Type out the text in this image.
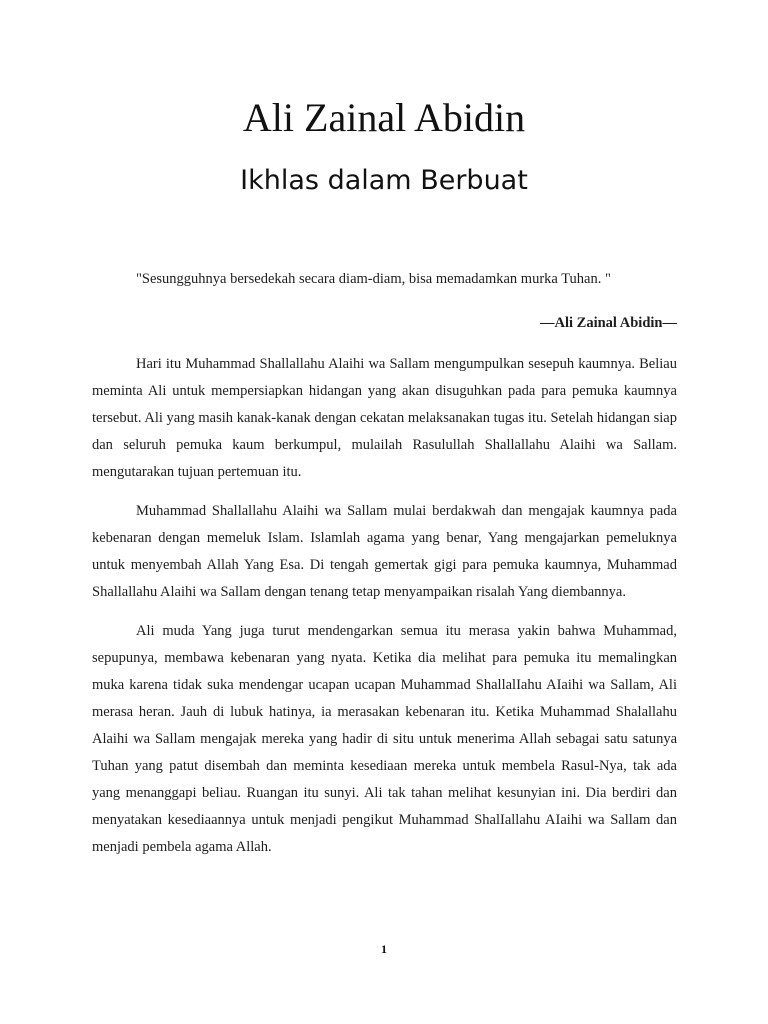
Ali Zainal Abidin
Ikhlas dalam Berbuat

"Sesungguhnya bersedekah secara diam-diam, bisa memadamkan murka Tuhan. "

—Ali Zainal Abidin—

Hari itu Muhammad Shallallahu Alaihi wa Sallam mengumpulkan sesepuh kaumnya. Beliau meminta Ali untuk mempersiapkan hidangan yang akan disuguhkan pada para pemuka kaumnya tersebut. Ali yang masih kanak-kanak dengan cekatan melaksanakan tugas itu. Setelah hidangan siap dan seluruh pemuka kaum berkumpul, mulailah Rasulullah Shallallahu Alaihi wa Sallam. mengutarakan tujuan pertemuan itu.

Muhammad Shallallahu Alaihi wa Sallam mulai berdakwah dan mengajak kaumnya pada kebenaran dengan memeluk Islam. Islamlah agama yang benar, Yang mengajarkan pemeluknya untuk menyembah Allah Yang Esa. Di tengah gemertak gigi para pemuka kaumnya, Muhammad Shallallahu Alaihi wa Sallam dengan tenang tetap menyampaikan risalah Yang diembannya.

Ali muda Yang juga turut mendengarkan semua itu merasa yakin bahwa Muhammad, sepupunya, membawa kebenaran yang nyata. Ketika dia melihat para pemuka itu memalingkan muka karena tidak suka mendengar ucapan ucapan Muhammad ShallalIahu AIaihi wa Sallam, Ali merasa heran. Jauh di lubuk hatinya, ia merasakan kebenaran itu. Ketika Muhammad Shalallahu Alaihi wa Sallam mengajak mereka yang hadir di situ untuk menerima Allah sebagai satu satunya Tuhan yang patut disembah dan meminta kesediaan mereka untuk membela Rasul-Nya, tak ada yang menanggapi beliau. Ruangan itu sunyi. Ali tak tahan melihat kesunyian ini. Dia berdiri dan menyatakan kesediaannya untuk menjadi pengikut Muhammad ShalIallahu AIaihi wa Sallam dan menjadi pembela agama Allah.

1
